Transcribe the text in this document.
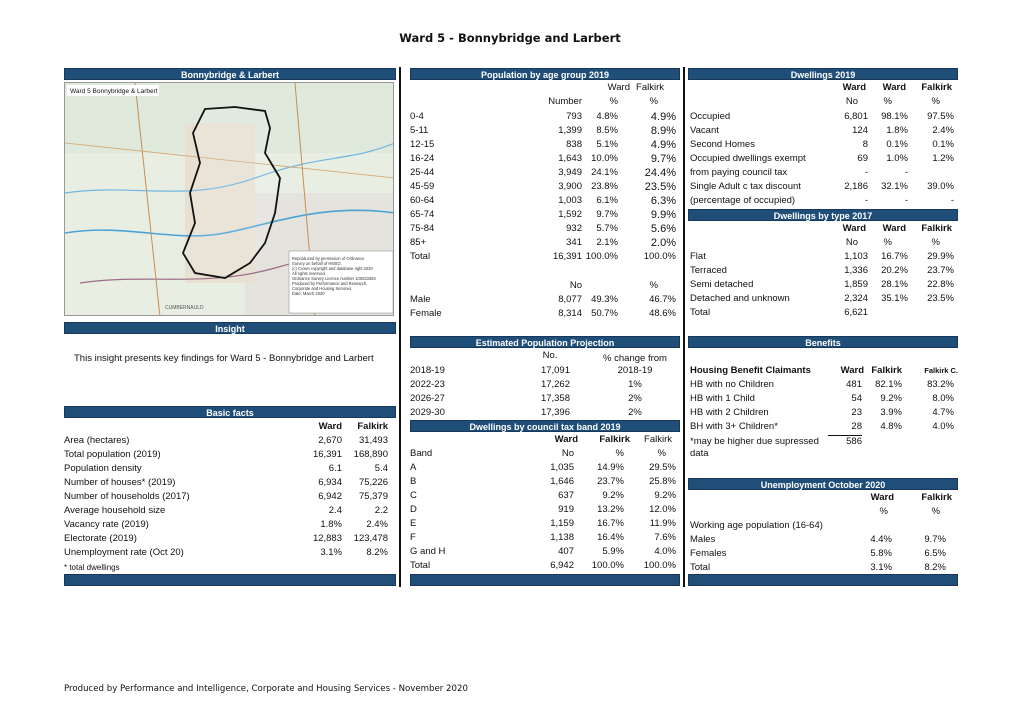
Ward 5 - Bonnybridge and Larbert
Bonnybridge & Larbert
Ward 5 Bonnybridge & Larbert
Reproduced by permission of Ordnance Survey on behalf of HMSO. (c) Crown copyright and database right 2020 All rights reserved. Ordnance Survey Licence number 100023384 Produced by Performance and Research, Corporate and Housing Services, Date: March 2020
CUMBERNAULD
Insight
This insight presents key findings for Ward 5 - Bonnybridge and Larbert
Basic facts
Ward	Falkirk
Area (hectares)	2,670	31,493
Total population (2019)	16,391	168,890
Population density	6.1	5.4
Number of houses* (2019)	6,934	75,226
Number of households (2017)	6,942	75,379
Average household size	2.4	2.2
Vacancy rate (2019)	1.8%	2.4%
Electorate (2019)	12,883	123,478
Unemployment rate (Oct 20)	3.1%	8.2%
* total dwellings
Population by age group 2019
Ward Falkirk
Number	%	%
0-4	793	4.8%	4.9%
5-11	1,399	8.5%	8.9%
12-15	838	5.1%	4.9%
16-24	1,643 10.0%	9.7%
25-44	3,949 24.1%	24.4%
45-59	3,900 23.8%	23.5%
60-64	1,003	6.1%	6.3%
65-74	1,592	9.7%	9.9%
75-84	932	5.7%	5.6%
85+	341	2.1%	2.0%
Total	16,391 100.0%	100.0%
No	%
Male	8,077 49.3%	46.7%
Female	8,314 50.7%	48.6%
Estimated Population Projection
No.	% change from
2018-19	17,091	2018-19
2022-23	17,262	1%
2026-27	17,358	2%
2029-30	17,396	2%
Dwellings by council tax band 2019
Ward	Falkirk	Falkirk
Band	No	%	%
A	1,035	14.9%	29.5%
B	1,646	23.7%	25.8%
C	637	9.2%	9.2%
D	919	13.2%	12.0%
E	1,159	16.7%	11.9%
F	1,138	16.4%	7.6%
G and H	407	5.9%	4.0%
Total	6,942	100.0%	100.0%
Dwellings 2019
Ward	Ward	Falkirk
No	%	%
Occupied	6,801	98.1%	97.5%
Vacant	124	1.8%	2.4%
Second Homes	8	0.1%	0.1%
Occupied dwellings exempt	69	1.0%	1.2%
from paying council tax	-	-
Single Adult c tax discount	2,186	32.1%	39.0%
(percentage of occupied)	-	-	-
Dwellings by type 2017
Ward	Ward	Falkirk
No	%	%
Flat	1,103	16.7%	29.9%
Terraced	1,336	20.2%	23.7%
Semi detached	1,859	28.1%	22.8%
Detached and unknown	2,324	35.1%	23.5%
Total	6,621
Benefits
Housing Benefit Claimants	Ward Falkirk	Falkirk C.
HB with no Children	481	82.1%	83.2%
HB with 1 Child	54	9.2%	8.0%
HB with 2 Children	23	3.9%	4.7%
BH with 3+ Children*	28	4.8%	4.0%
*may be higher due supressed	586
data
Unemployment October 2020
Ward	Falkirk
%	%
Working age population (16-64)
Males	4.4%	9.7%
Females	5.8%	6.5%
Total	3.1%	8.2%
Produced by Performance and Intelligence, Corporate and Housing Services - November 2020
